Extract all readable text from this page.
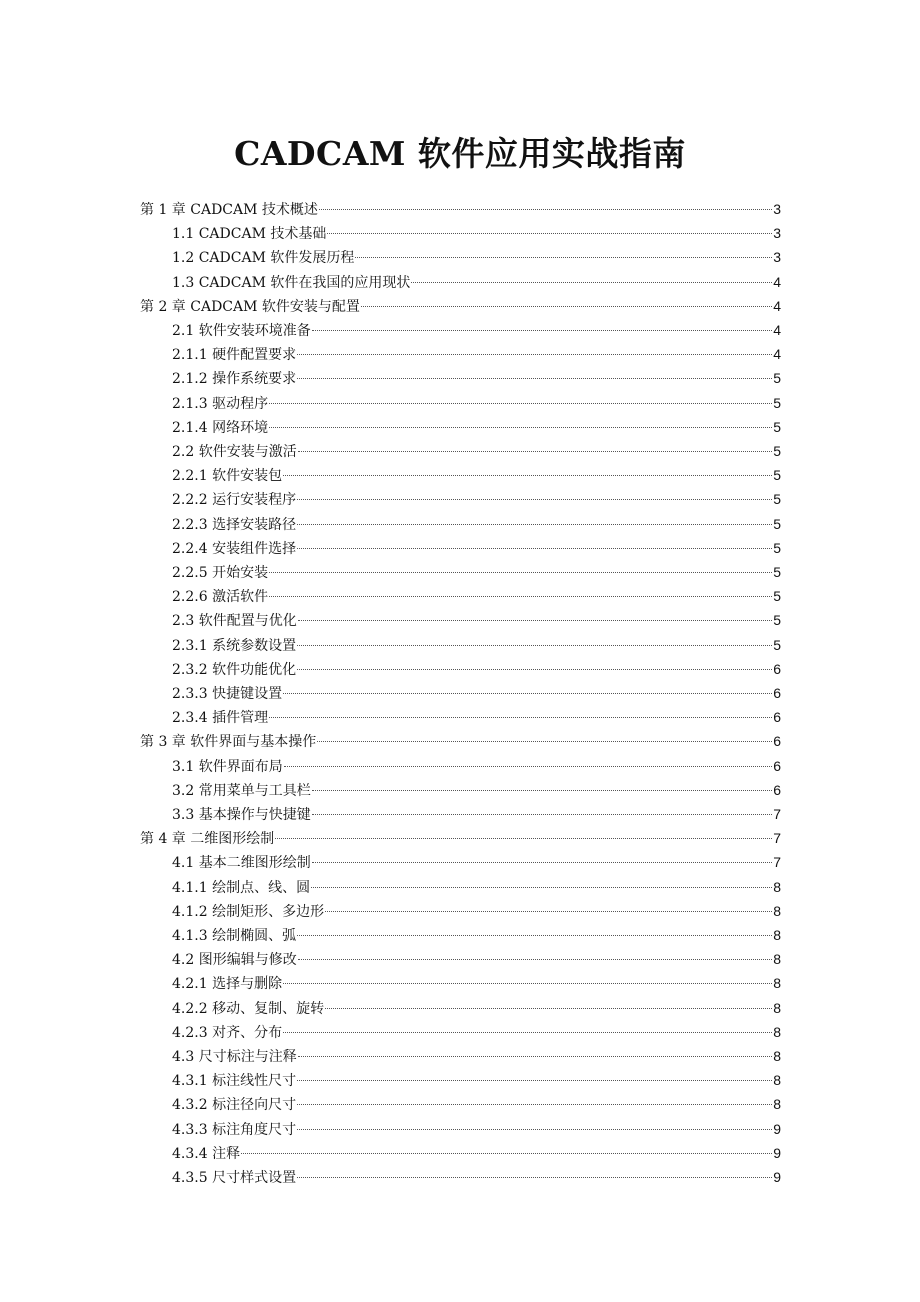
CADCAM 软件应用实战指南
第 1 章 CADCAM 技术概述	3
1.1 CADCAM 技术基础	3
1.2 CADCAM 软件发展历程	3
1.3 CADCAM 软件在我国的应用现状	4
第 2 章 CADCAM 软件安装与配置	4
2.1 软件安装环境准备	4
2.1.1 硬件配置要求	4
2.1.2 操作系统要求	5
2.1.3 驱动程序	5
2.1.4 网络环境	5
2.2 软件安装与激活	5
2.2.1 软件安装包	5
2.2.2 运行安装程序	5
2.2.3 选择安装路径	5
2.2.4 安装组件选择	5
2.2.5 开始安装	5
2.2.6 激活软件	5
2.3 软件配置与优化	5
2.3.1 系统参数设置	5
2.3.2 软件功能优化	6
2.3.3 快捷键设置	6
2.3.4 插件管理	6
第 3 章 软件界面与基本操作	6
3.1 软件界面布局	6
3.2 常用菜单与工具栏	6
3.3 基本操作与快捷键	7
第 4 章 二维图形绘制	7
4.1 基本二维图形绘制	7
4.1.1 绘制点、线、圆	8
4.1.2 绘制矩形、多边形	8
4.1.3 绘制椭圆、弧	8
4.2 图形编辑与修改	8
4.2.1 选择与删除	8
4.2.2 移动、复制、旋转	8
4.2.3 对齐、分布	8
4.3 尺寸标注与注释	8
4.3.1 标注线性尺寸	8
4.3.2 标注径向尺寸	8
4.3.3 标注角度尺寸	9
4.3.4 注释	9
4.3.5 尺寸样式设置	9
